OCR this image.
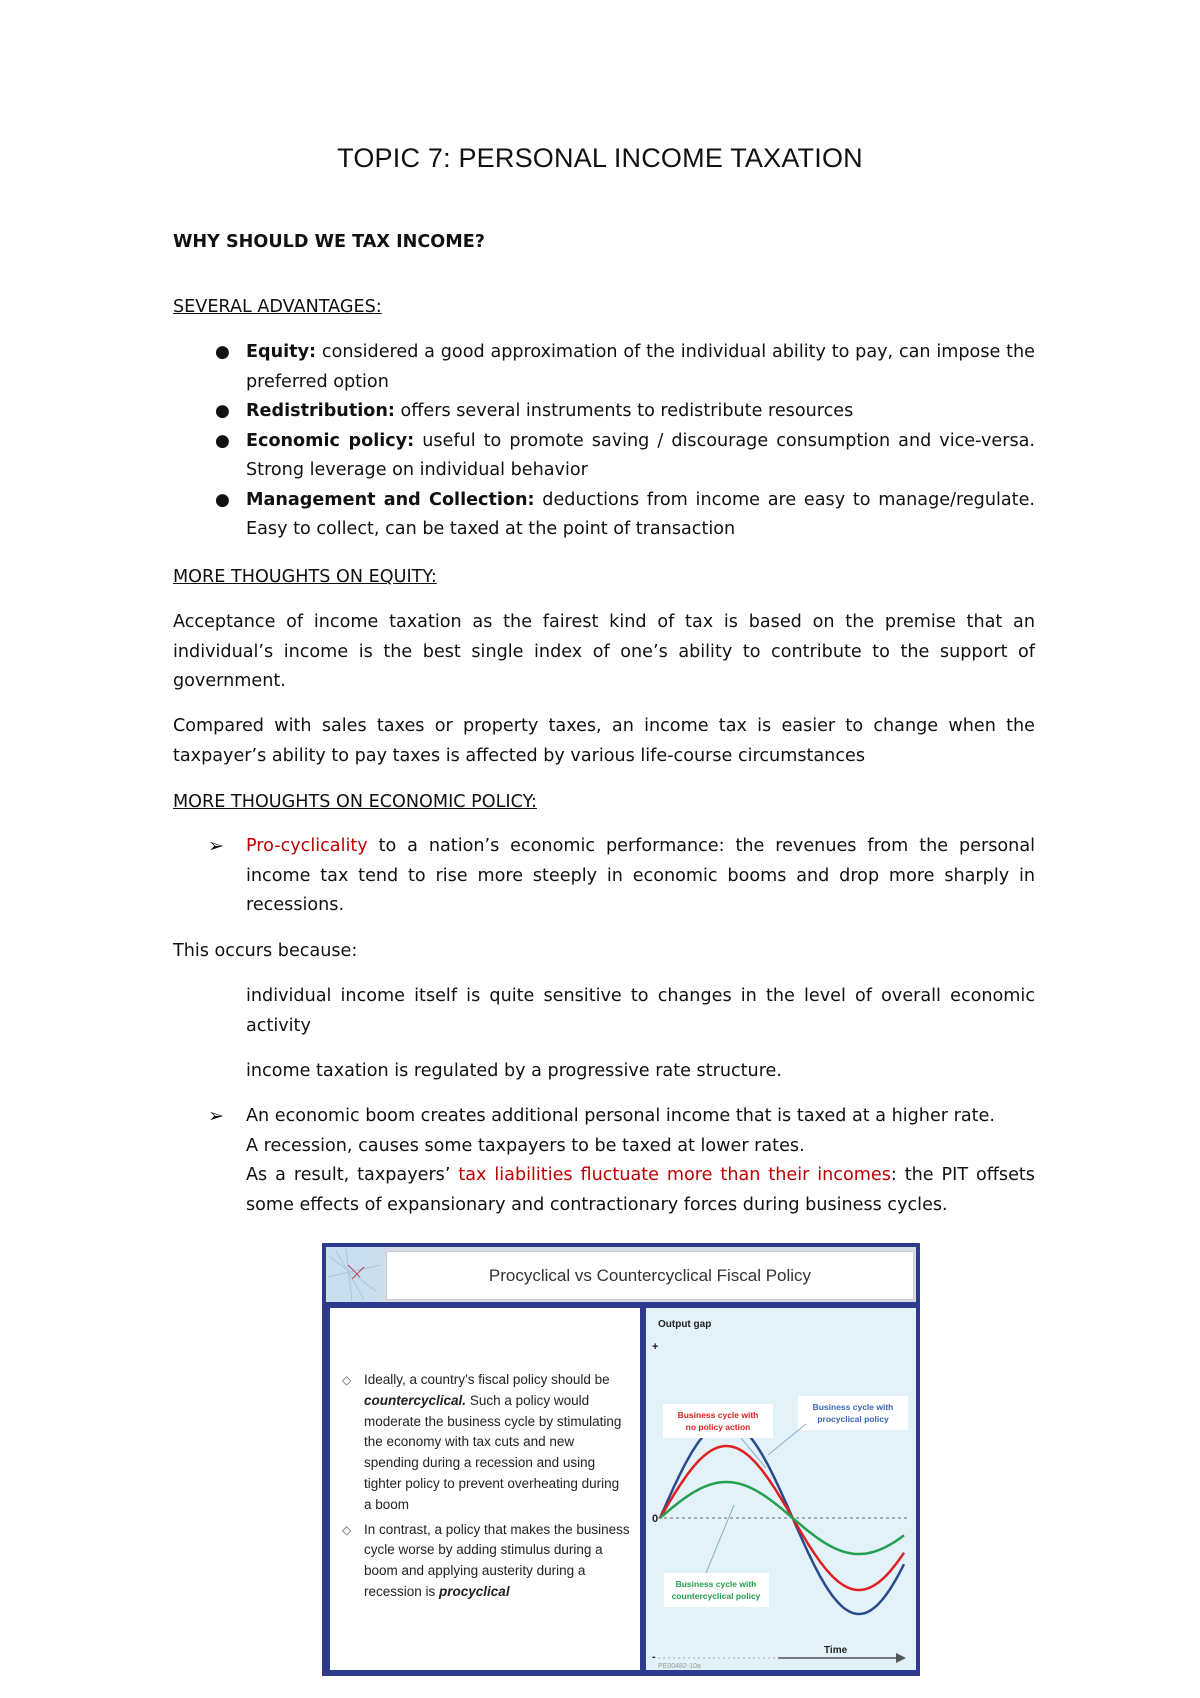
TOPIC 7: PERSONAL INCOME TAXATION
WHY SHOULD WE TAX INCOME?
SEVERAL ADVANTAGES:
● Equity: considered a good approximation of the individual ability to pay, can impose the preferred option
● Redistribution: offers several instruments to redistribute resources
● Economic policy: useful to promote saving / discourage consumption and vice-versa. Strong leverage on individual behavior
● Management and Collection: deductions from income are easy to manage/regulate. Easy to collect, can be taxed at the point of transaction
MORE THOUGHTS ON EQUITY:
Acceptance of income taxation as the fairest kind of tax is based on the premise that an individual’s income is the best single index of one’s ability to contribute to the support of government.
Compared with sales taxes or property taxes, an income tax is easier to change when the taxpayer’s ability to pay taxes is affected by various life-course circumstances
MORE THOUGHTS ON ECONOMIC POLICY:
➢ Pro-cyclicality to a nation’s economic performance: the revenues from the personal income tax tend to rise more steeply in economic booms and drop more sharply in recessions.
This occurs because:
individual income itself is quite sensitive to changes in the level of overall economic activity
income taxation is regulated by a progressive rate structure.
➢ An economic boom creates additional personal income that is taxed at a higher rate.
A recession, causes some taxpayers to be taxed at lower rates.
As a result, taxpayers’ tax liabilities fluctuate more than their incomes: the PIT offsets some effects of expansionary and contractionary forces during business cycles.
Procyclical vs Countercyclical Fiscal Policy
◇ Ideally, a country’s fiscal policy should be countercyclical. Such a policy would moderate the business cycle by stimulating the economy with tax cuts and new spending during a recession and using tighter policy to prevent overheating during a boom
◇ In contrast, a policy that makes the business cycle worse by adding stimulus during a boom and applying austerity during a recession is procyclical
Output gap
+
0
-
Time
PE00482-10a
Business cycle with
no policy action
Business cycle with
procyclical policy
Business cycle with
countercyclical policy
